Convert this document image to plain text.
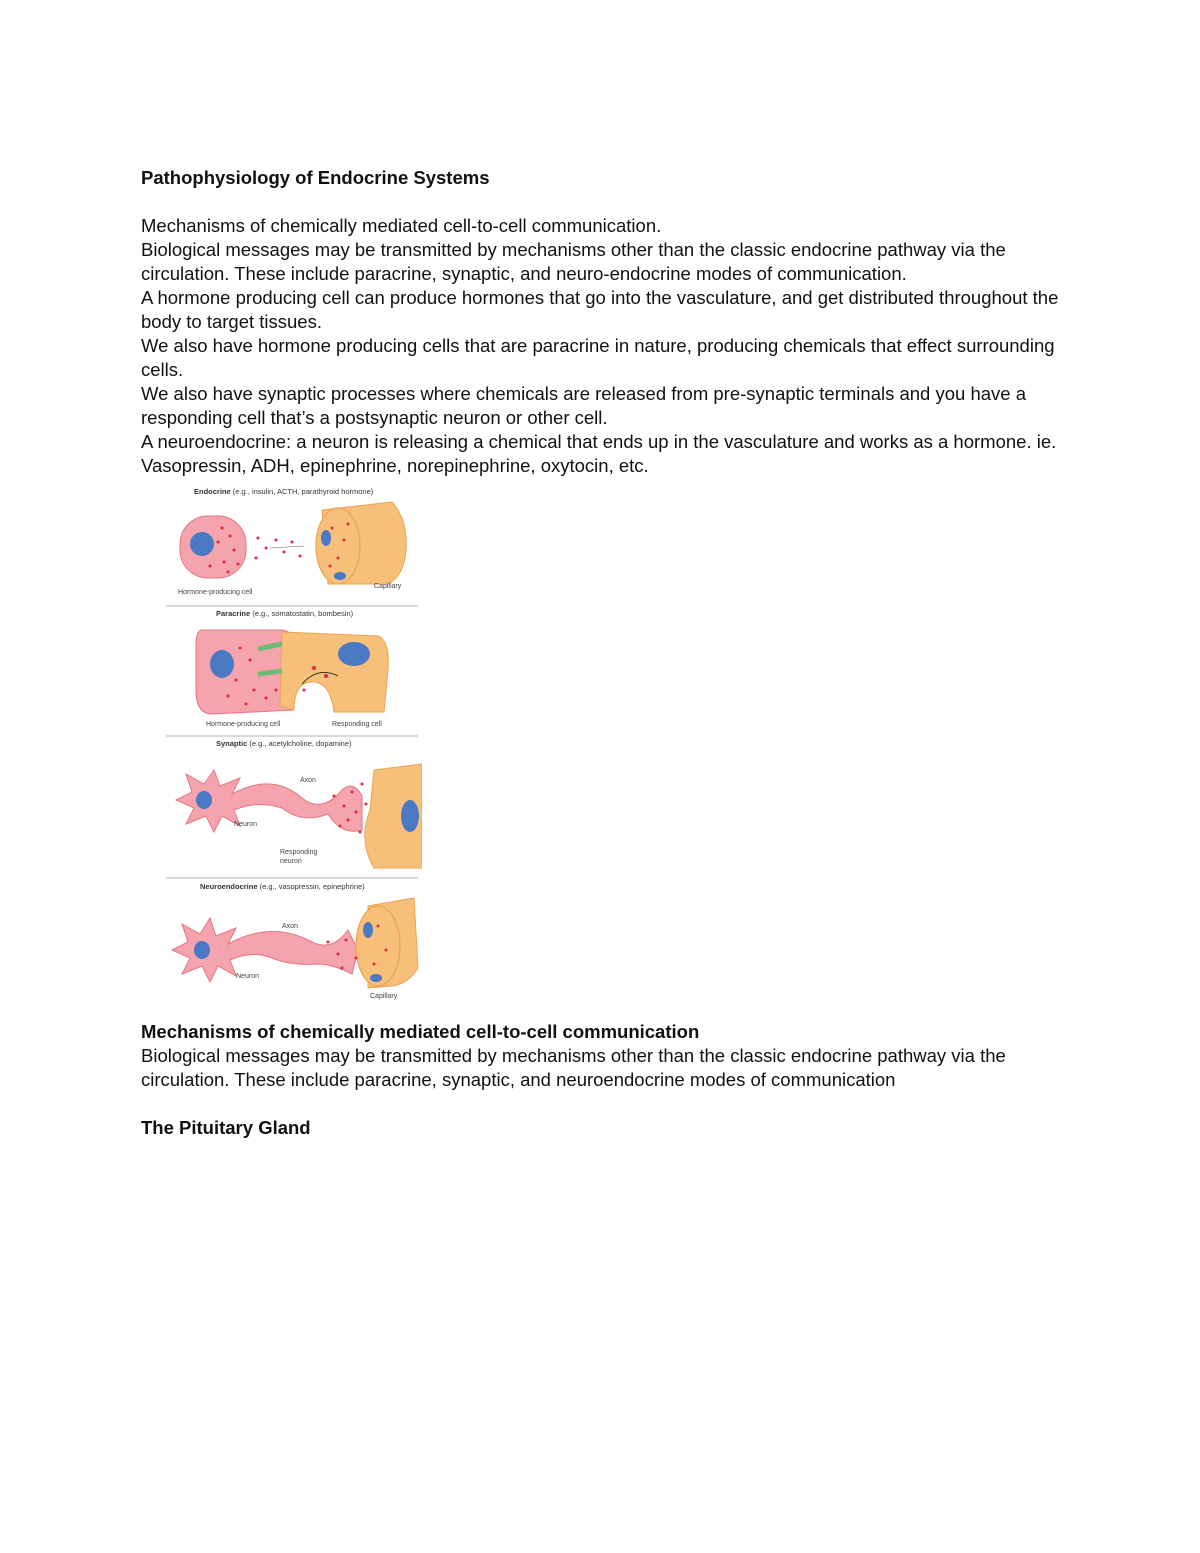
Pathophysiology of Endocrine Systems

Mechanisms of chemically mediated cell-to-cell communication.

Biological messages may be transmitted by mechanisms other than the classic endocrine pathway via the circulation. These include paracrine, synaptic, and neuro-endocrine modes of communication.

A hormone producing cell can produce hormones that go into the vasculature, and get distributed throughout the body to target tissues.

We also have hormone producing cells that are paracrine in nature, producing chemicals that effect surrounding cells.

We also have synaptic processes where chemicals are released from pre-synaptic terminals and you have a responding cell that’s a postsynaptic neuron or other cell.

A neuroendocrine: a neuron is releasing a chemical that ends up in the vasculature and works as a hormone. ie. Vasopressin, ADH, epinephrine, norepinephrine, oxytocin, etc.

Endocrine (e.g., insulin, ACTH, parathyroid hormone)
Hormone-producing cell
Capillary
Paracrine (e.g., somatostatin, bombesin)
Hormone-producing cell	Responding cell
Synaptic (e.g., acetylcholine, dopamine)
Axon
Neuron
Responding
neuron
Neuroendocrine (e.g., vasopressin, epinephrine)
Axon
Neuron
Capillary

Mechanisms of chemically mediated cell-to-cell communication

Biological messages may be transmitted by mechanisms other than the classic endocrine pathway via the circulation. These include paracrine, synaptic, and neuroendocrine modes of communication

The Pituitary Gland
